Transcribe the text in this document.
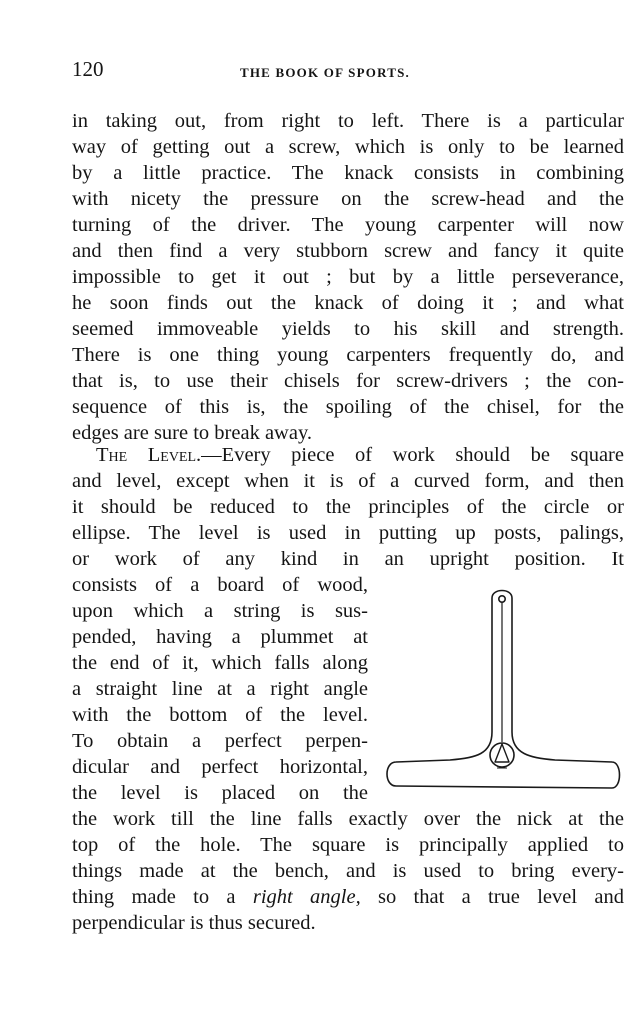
120	THE BOOK OF SPORTS.
in taking out, from right to left. There is a particular
way of getting out a screw, which is only to be learned
by a little practice. The knack consists in combining
with nicety the pressure on the screw-head and the
turning of the driver. The young carpenter will now
and then find a very stubborn screw and fancy it quite
impossible to get it out ; but by a little perseverance,
he soon finds out the knack of doing it ; and what
seemed immoveable yields to his skill and strength.
There is one thing young carpenters frequently do, and
that is, to use their chisels for screw-drivers ; the con-
sequence of this is, the spoiling of the chisel, for the
edges are sure to break away.
The Level.—Every piece of work should be square
and level, except when it is of a curved form, and then
it should be reduced to the principles of the circle or
ellipse. The level is used in putting up posts, palings,
or work of any kind in an upright position. It
consists of a board of wood,
upon which a string is sus-
pended, having a plummet at
the end of it, which falls along
a straight line at a right angle
with the bottom of the level.
To obtain a perfect perpen-
dicular and perfect horizontal,
the level is placed on the
the work till the line falls exactly over the nick at the
top of the hole. The square is principally applied to
things made at the bench, and is used to bring every-
thing made to a right angle, so that a true level and
perpendicular is thus secured.
